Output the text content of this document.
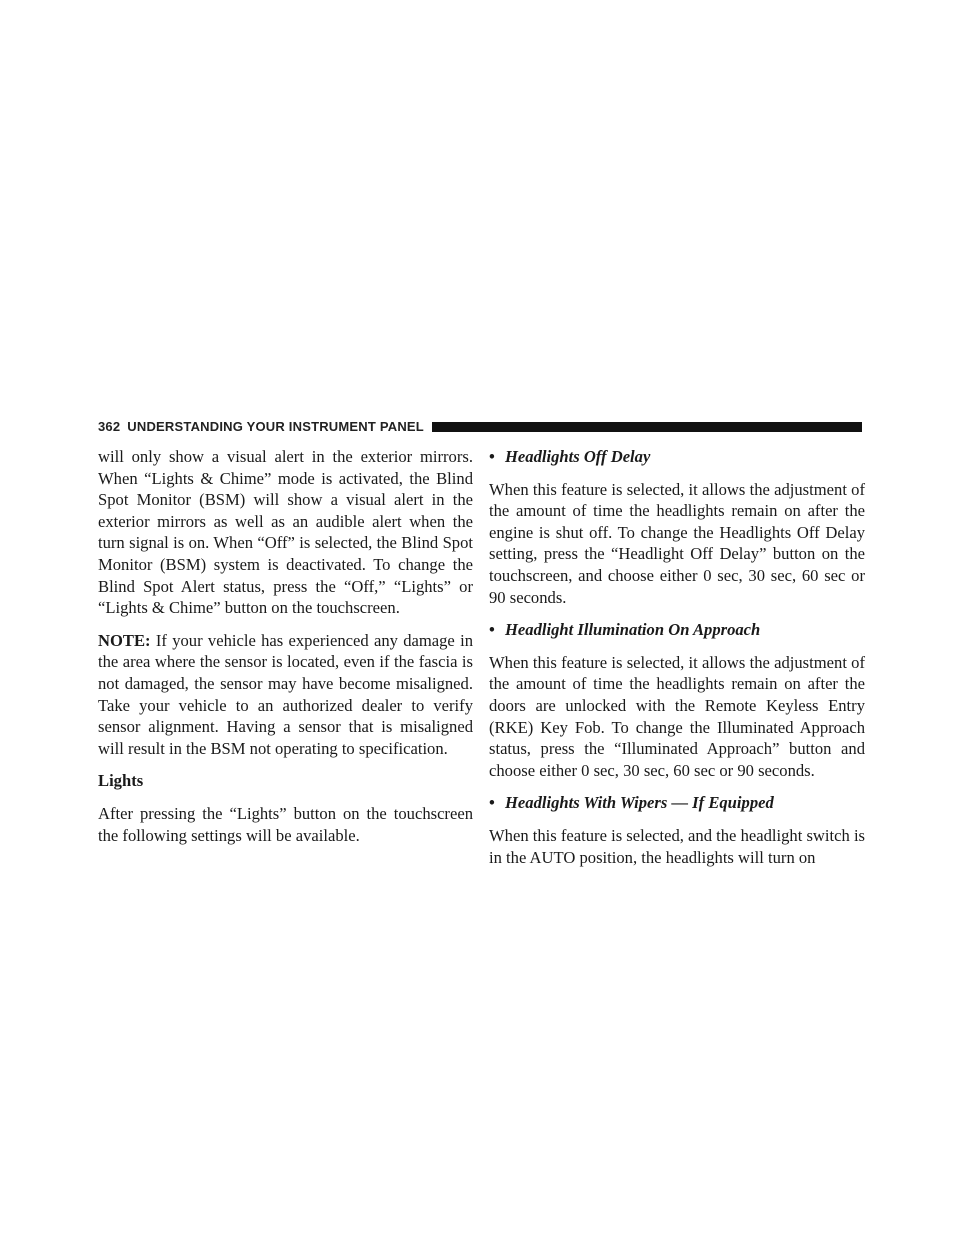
362 UNDERSTANDING YOUR INSTRUMENT PANEL

will only show a visual alert in the exterior mirrors. When “Lights & Chime” mode is activated, the Blind Spot Monitor (BSM) will show a visual alert in the exterior mirrors as well as an audible alert when the turn signal is on. When “Off” is selected, the Blind Spot Monitor (BSM) system is deactivated. To change the Blind Spot Alert status, press the “Off,” “Lights” or “Lights & Chime” button on the touchscreen.

NOTE: If your vehicle has experienced any damage in the area where the sensor is located, even if the fascia is not damaged, the sensor may have become misaligned. Take your vehicle to an authorized dealer to verify sensor alignment. Having a sensor that is misaligned will result in the BSM not operating to specification.

Lights

After pressing the “Lights” button on the touchscreen the following settings will be available.

• Headlights Off Delay

When this feature is selected, it allows the adjustment of the amount of time the headlights remain on after the engine is shut off. To change the Headlights Off Delay setting, press the “Headlight Off Delay” button on the touchscreen, and choose either 0 sec, 30 sec, 60 sec or 90 seconds.

• Headlight Illumination On Approach

When this feature is selected, it allows the adjustment of the amount of time the headlights remain on after the doors are unlocked with the Remote Keyless Entry (RKE) Key Fob. To change the Illuminated Approach status, press the “Illuminated Approach” button and choose either 0 sec, 30 sec, 60 sec or 90 seconds.

• Headlights With Wipers — If Equipped

When this feature is selected, and the headlight switch is in the AUTO position, the headlights will turn on
